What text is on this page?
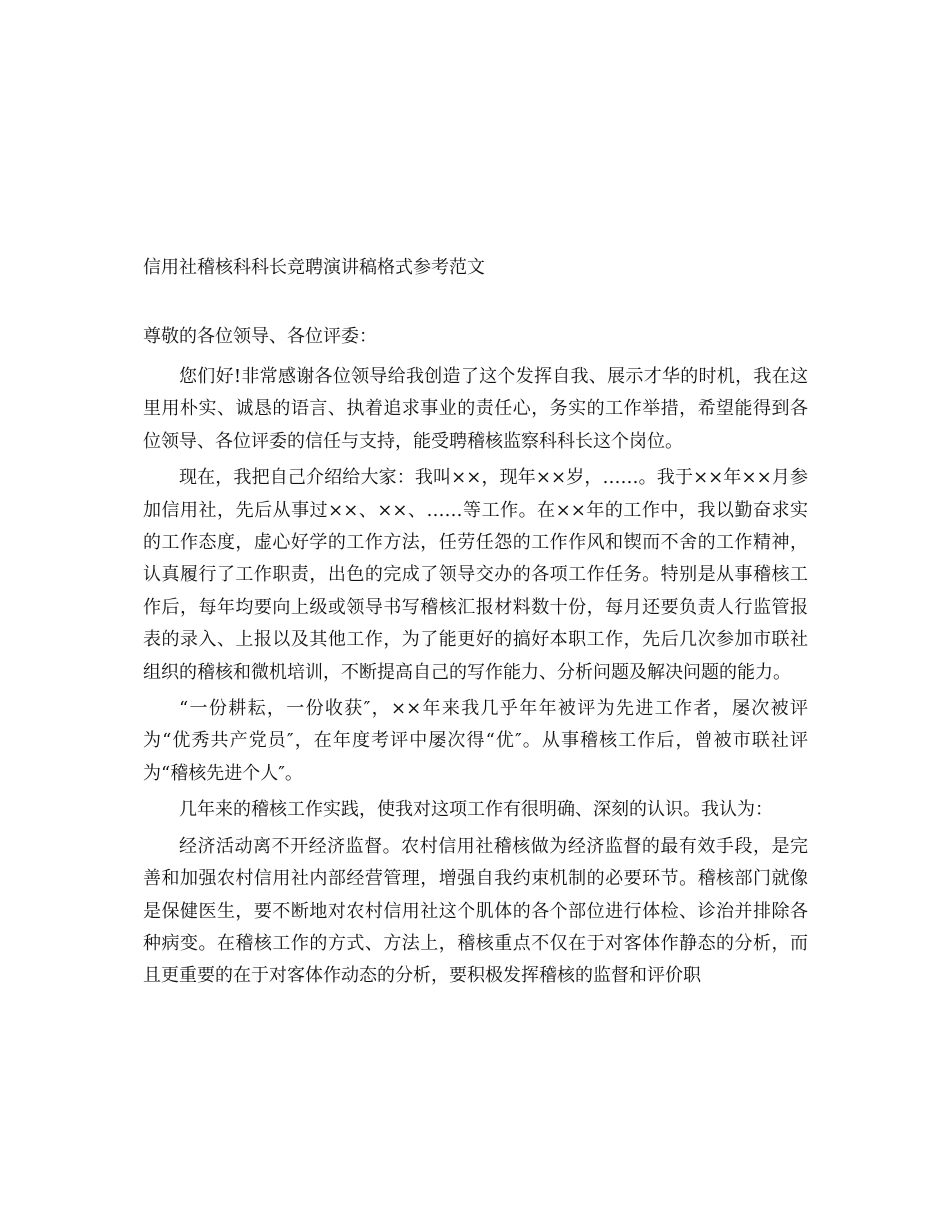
信用社稽核科科长竞聘演讲稿格式参考范文
尊敬的各位领导、各位评委：

您们好!非常感谢各位领导给我创造了这个发挥自我、展示才华的时机，我在这里用朴实、诚恳的语言、执着追求事业的责任心，务实的工作举措，希望能得到各位领导、各位评委的信任与支持，能受聘稽核监察科科长这个岗位。

现在，我把自己介绍给大家：我叫××，现年××岁，……。我于××年××月参加信用社，先后从事过××、××、……等工作。在××年的工作中，我以勤奋求实的工作态度，虚心好学的工作方法，任劳任怨的工作作风和锲而不舍的工作精神，认真履行了工作职责，出色的完成了领导交办的各项工作任务。特别是从事稽核工作后，每年均要向上级或领导书写稽核汇报材料数十份，每月还要负责人行监管报表的录入、上报以及其他工作，为了能更好的搞好本职工作，先后几次参加市联社组织的稽核和微机培训，不断提高自己的写作能力、分析问题及解决问题的能力。

“一份耕耘，一份收获″，××年来我几乎年年被评为先进工作者，屡次被评为“优秀共产党员″，在年度考评中屡次得“优″。从事稽核工作后，曾被市联社评为“稽核先进个人″。

几年来的稽核工作实践，使我对这项工作有很明确、深刻的认识。我认为：

经济活动离不开经济监督。农村信用社稽核做为经济监督的最有效手段，是完善和加强农村信用社内部经营管理，增强自我约束机制的必要环节。稽核部门就像是保健医生，要不断地对农村信用社这个肌体的各个部位进行体检、诊治并排除各种病变。在稽核工作的方式、方法上，稽核重点不仅在于对客体作静态的分析，而且更重要的在于对客体作动态的分析，要积极发挥稽核的监督和评价职
